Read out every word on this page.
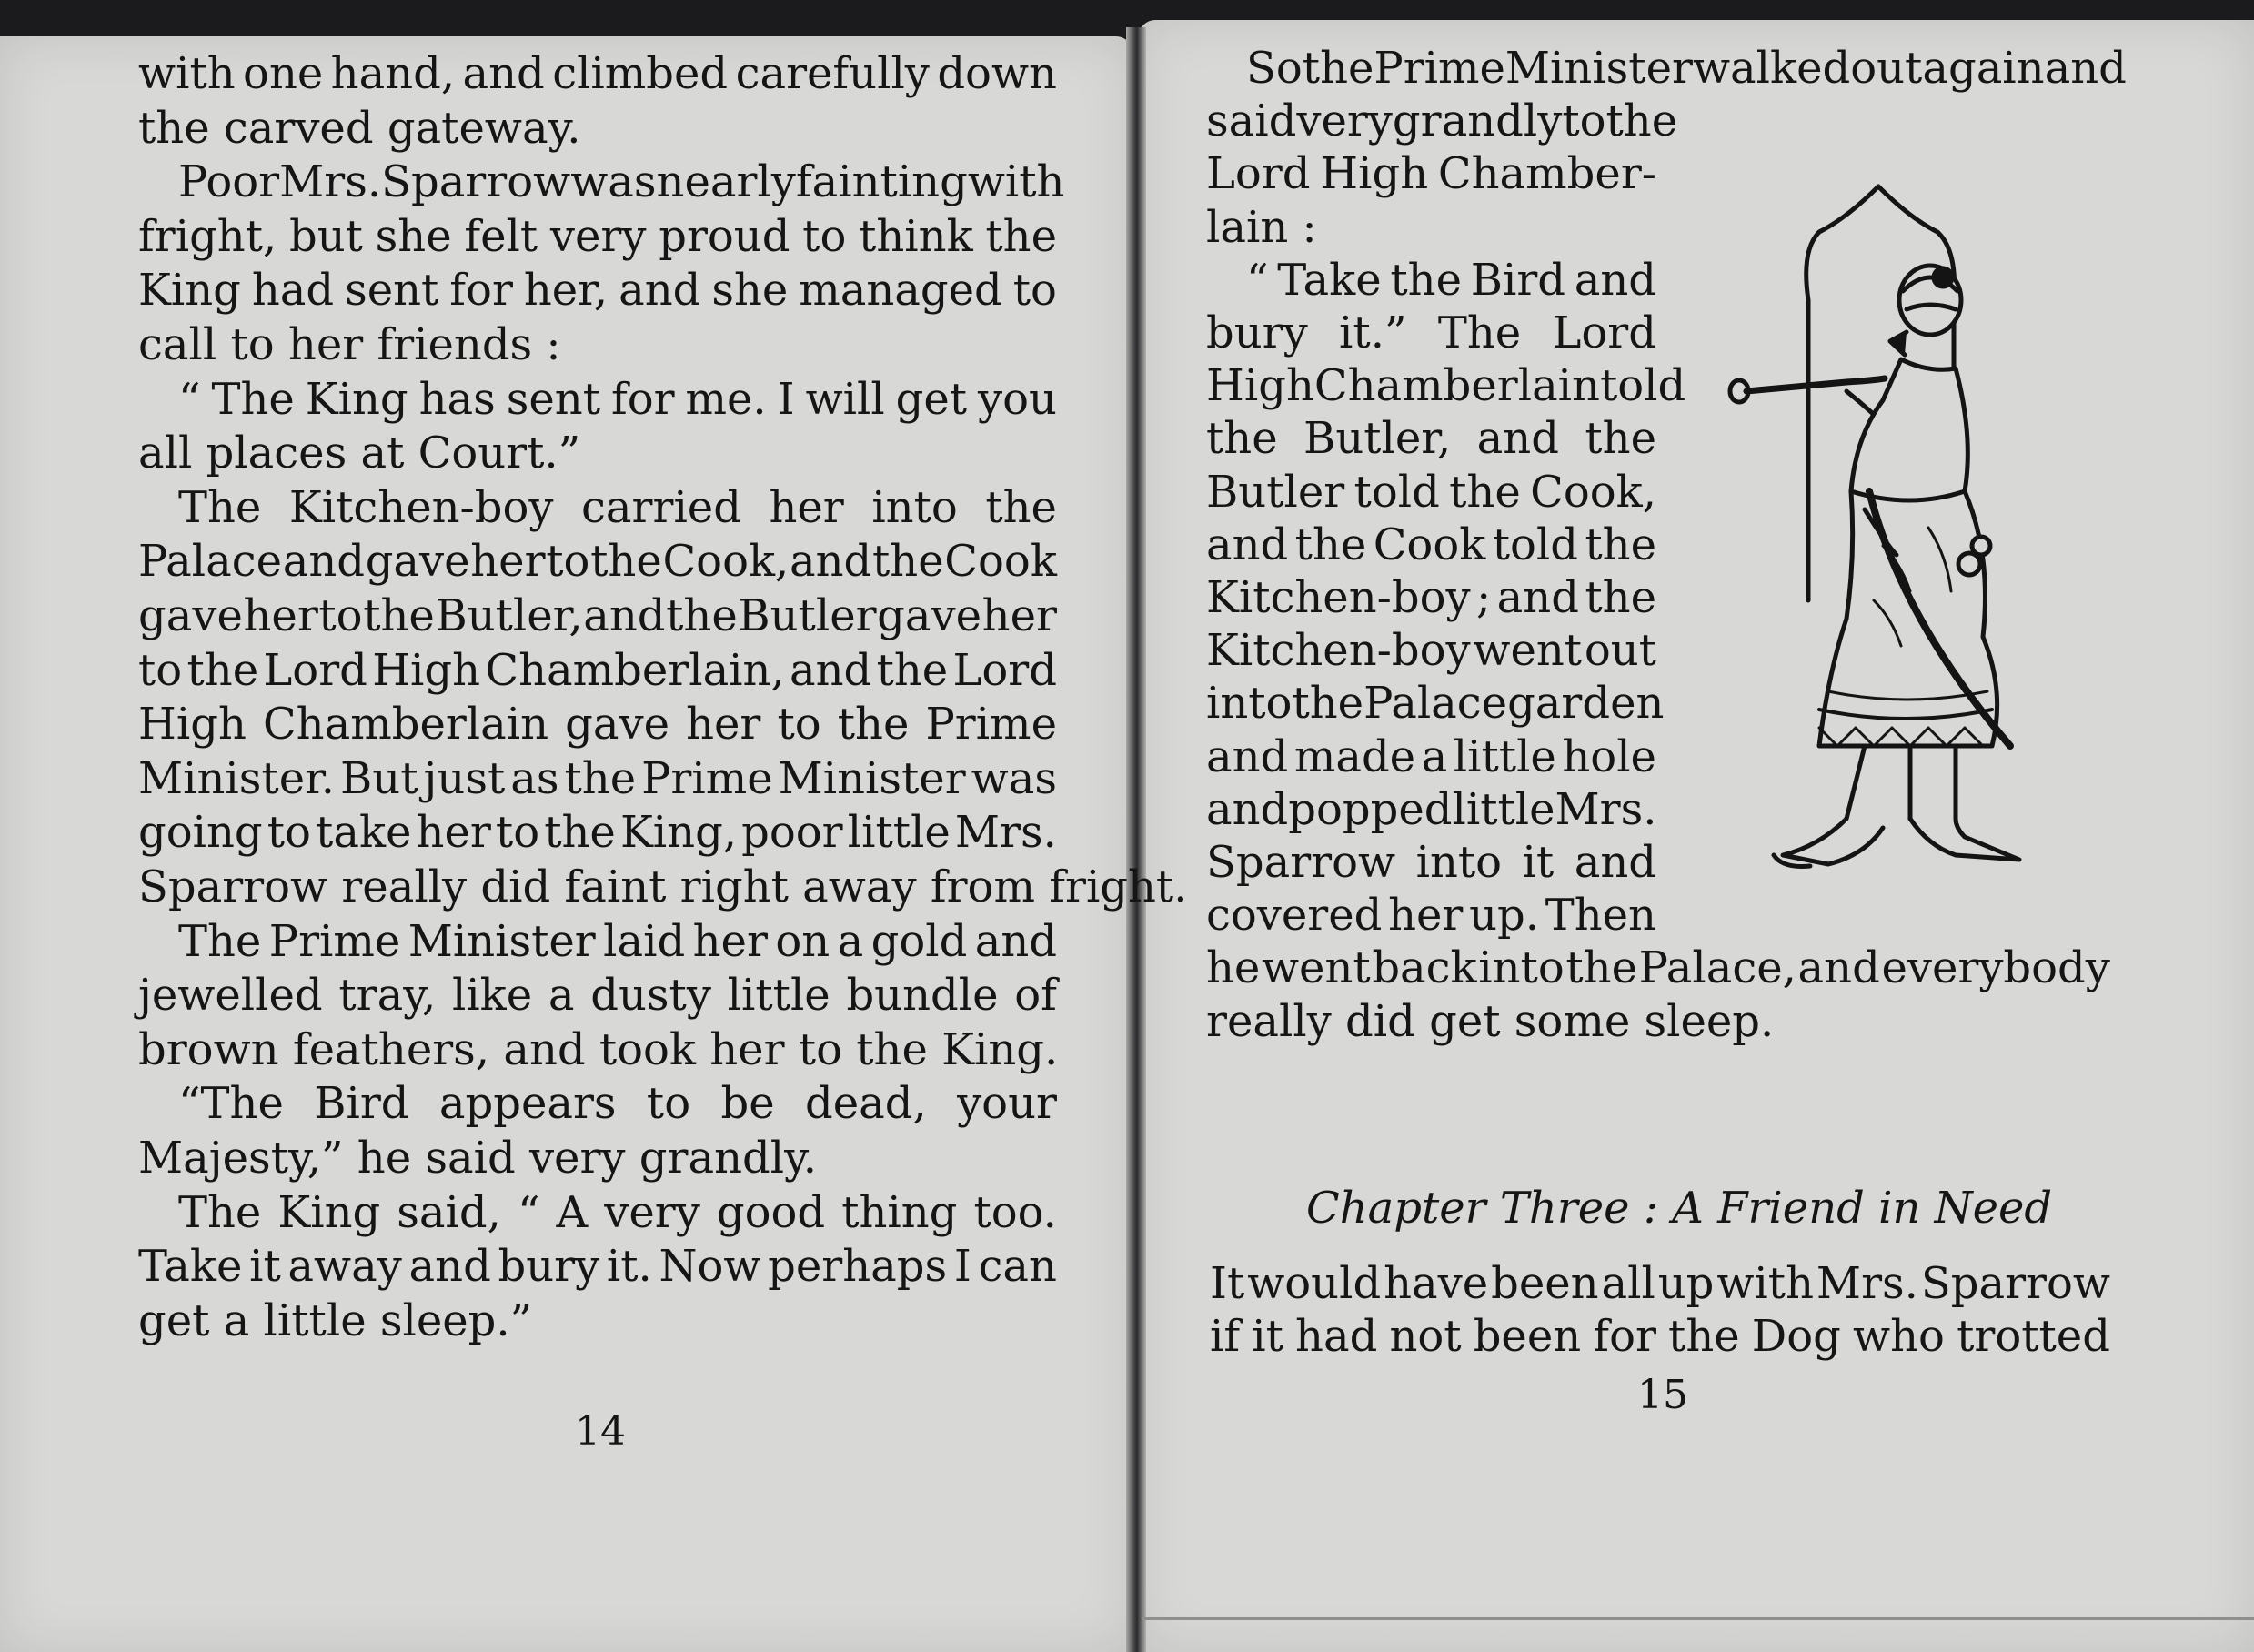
with one hand, and climbed carefully down
the carved gateway.
Poor Mrs. Sparrow was nearly fainting with
fright, but she felt very proud to think the
King had sent for her, and she managed to
call to her friends :
“ The King has sent for me. I will get you
all places at Court.”
The Kitchen-boy carried her into the
Palace and gave her to the Cook, and the Cook
gave her to the Butler, and the Butler gave her
to the Lord High Chamberlain, and the Lord
High Chamberlain gave her to the Prime
Minister. But just as the Prime Minister was
going to take her to the King, poor little Mrs.
Sparrow really did faint right away from fright.
The Prime Minister laid her on a gold and
jewelled tray, like a dusty little bundle of
brown feathers, and took her to the King.
“The Bird appears to be dead, your
Majesty,” he said very grandly.
The King said, “ A very good thing too.
Take it away and bury it. Now perhaps I can
get a little sleep.”
14
So the Prime Minister walked out again and
said very grandly to the
Lord High Chamber-
lain :
“ Take the Bird and
bury it.” The Lord
High Chamberlain told
the Butler, and the
Butler told the Cook,
and the Cook told the
Kitchen-boy ; and the
Kitchen-boy went out
into the Palace garden
and made a little hole
and popped little Mrs.
Sparrow into it and
covered her up. Then
he went back into the Palace, and everybody
really did get some sleep.
Chapter Three : A Friend in Need
It would have been all up with Mrs. Sparrow
if it had not been for the Dog who trotted
15
